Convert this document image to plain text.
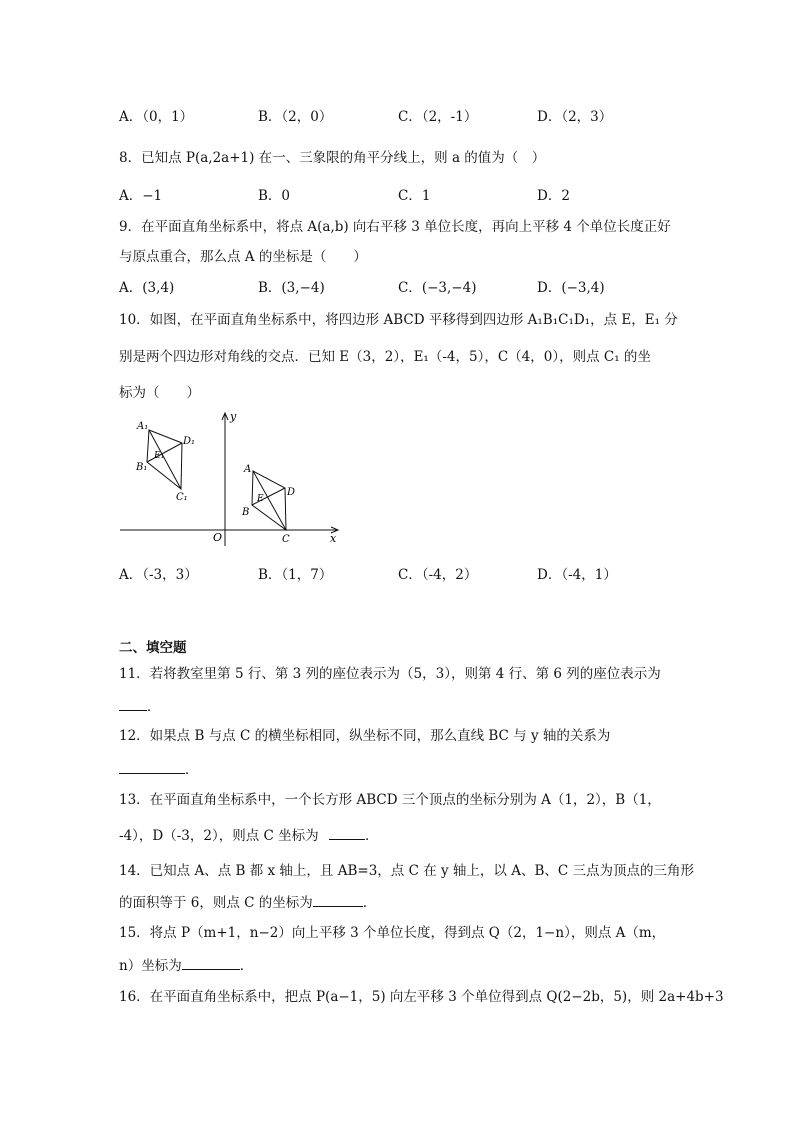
A．（0，1）	B．（2，0）	C．（2，-1）	D．（2，3）
8．已知点 P(a,2a+1) 在一、三象限的角平分线上，则 a 的值为（　）
A．−1	B．0	C．1	D．2
9．在平面直角坐标系中，将点 A(a,b) 向右平移 3 单位长度，再向上平移 4 个单位长度正好
与原点重合，那么点 A 的坐标是（　　）
A．(3,4)	B．(3,−4)	C．(−3,−4)	D．(−3,4)
10．如图，在平面直角坐标系中，将四边形 ABCD 平移得到四边形 A₁B₁C₁D₁，点 E，E₁ 分
别是两个四边形对角线的交点．已知 E（3，2），E₁（-4，5），C（4，0），则点 C₁ 的坐
标为（　　）
y
x
O
A₁
B₁
C₁
D₁
E₁
A
B
C
D
E
A．（-3，3）	B．（1，7）	C．（-4，2）	D．（-4，1）
二、填空题
11．若将教室里第 5 行、第 3 列的座位表示为（5，3），则第 4 行、第 6 列的座位表示为
．
12．如果点 B 与点 C 的横坐标相同，纵坐标不同，那么直线 BC 与 y 轴的关系为
．
13．在平面直角坐标系中，一个长方形 ABCD 三个顶点的坐标分别为 A（1，2），B（1，
-4），D（-3，2），则点 C 坐标为	．
14．已知点 A、点 B 都 x 轴上，且 AB=3，点 C 在 y 轴上，以 A、B、C 三点为顶点的三角形
的面积等于 6，则点 C 的坐标为	．
15．将点 P（m+1，n−2）向上平移 3 个单位长度，得到点 Q（2，1−n），则点 A（m，
n）坐标为	．
16．在平面直角坐标系中，把点 P(a−1，5) 向左平移 3 个单位得到点 Q(2−2b，5)，则 2a+4b+3
